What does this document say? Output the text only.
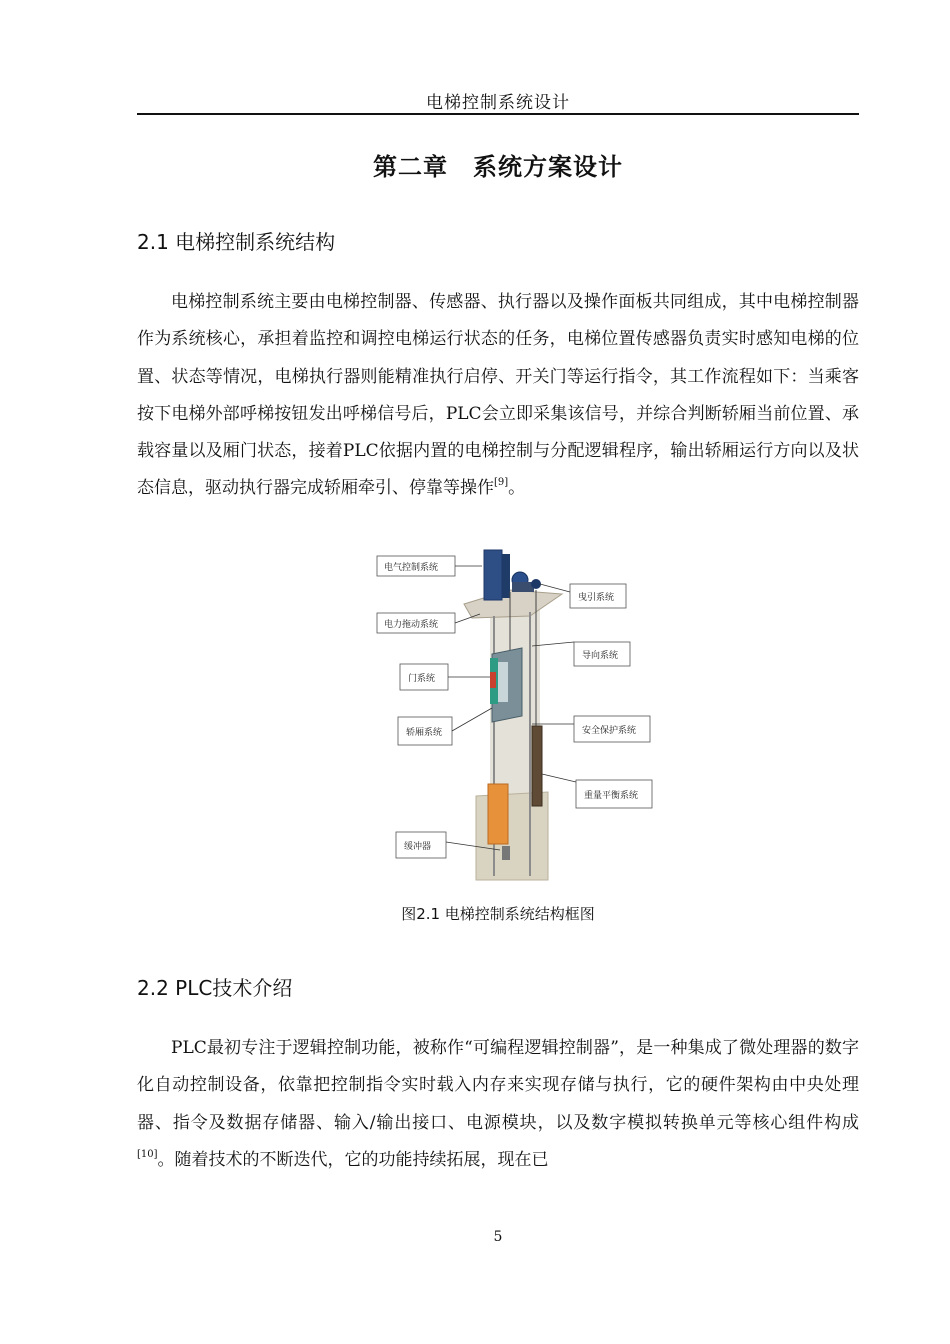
电梯控制系统设计
第二章　系统方案设计
2.1 电梯控制系统结构
电梯控制系统主要由电梯控制器、传感器、执行器以及操作面板共同组成，其中电梯控制器作为系统核心，承担着监控和调控电梯运行状态的任务，电梯位置传感器负责实时感知电梯的位置、状态等情况，电梯执行器则能精准执行启停、开关门等运行指令，其工作流程如下：当乘客按下电梯外部呼梯按钮发出呼梯信号后，PLC会立即采集该信号，并综合判断轿厢当前位置、承载容量以及厢门状态，接着PLC依据内置的电梯控制与分配逻辑程序，输出轿厢运行方向以及状态信息，驱动执行器完成轿厢牵引、停靠等操作[9]。
电气控制系统
电力拖动系统
门系统
轿厢系统
缓冲器
曳引系统
导向系统
安全保护系统
重量平衡系统
图2.1 电梯控制系统结构框图
2.2 PLC技术介绍
PLC最初专注于逻辑控制功能，被称作“可编程逻辑控制器”，是一种集成了微处理器的数字化自动控制设备，依靠把控制指令实时载入内存来实现存储与执行，它的硬件架构由中央处理器、指令及数据存储器、输入/输出接口、电源模块，以及数字模拟转换单元等核心组件构成[10]。随着技术的不断迭代，它的功能持续拓展，现在已
5
